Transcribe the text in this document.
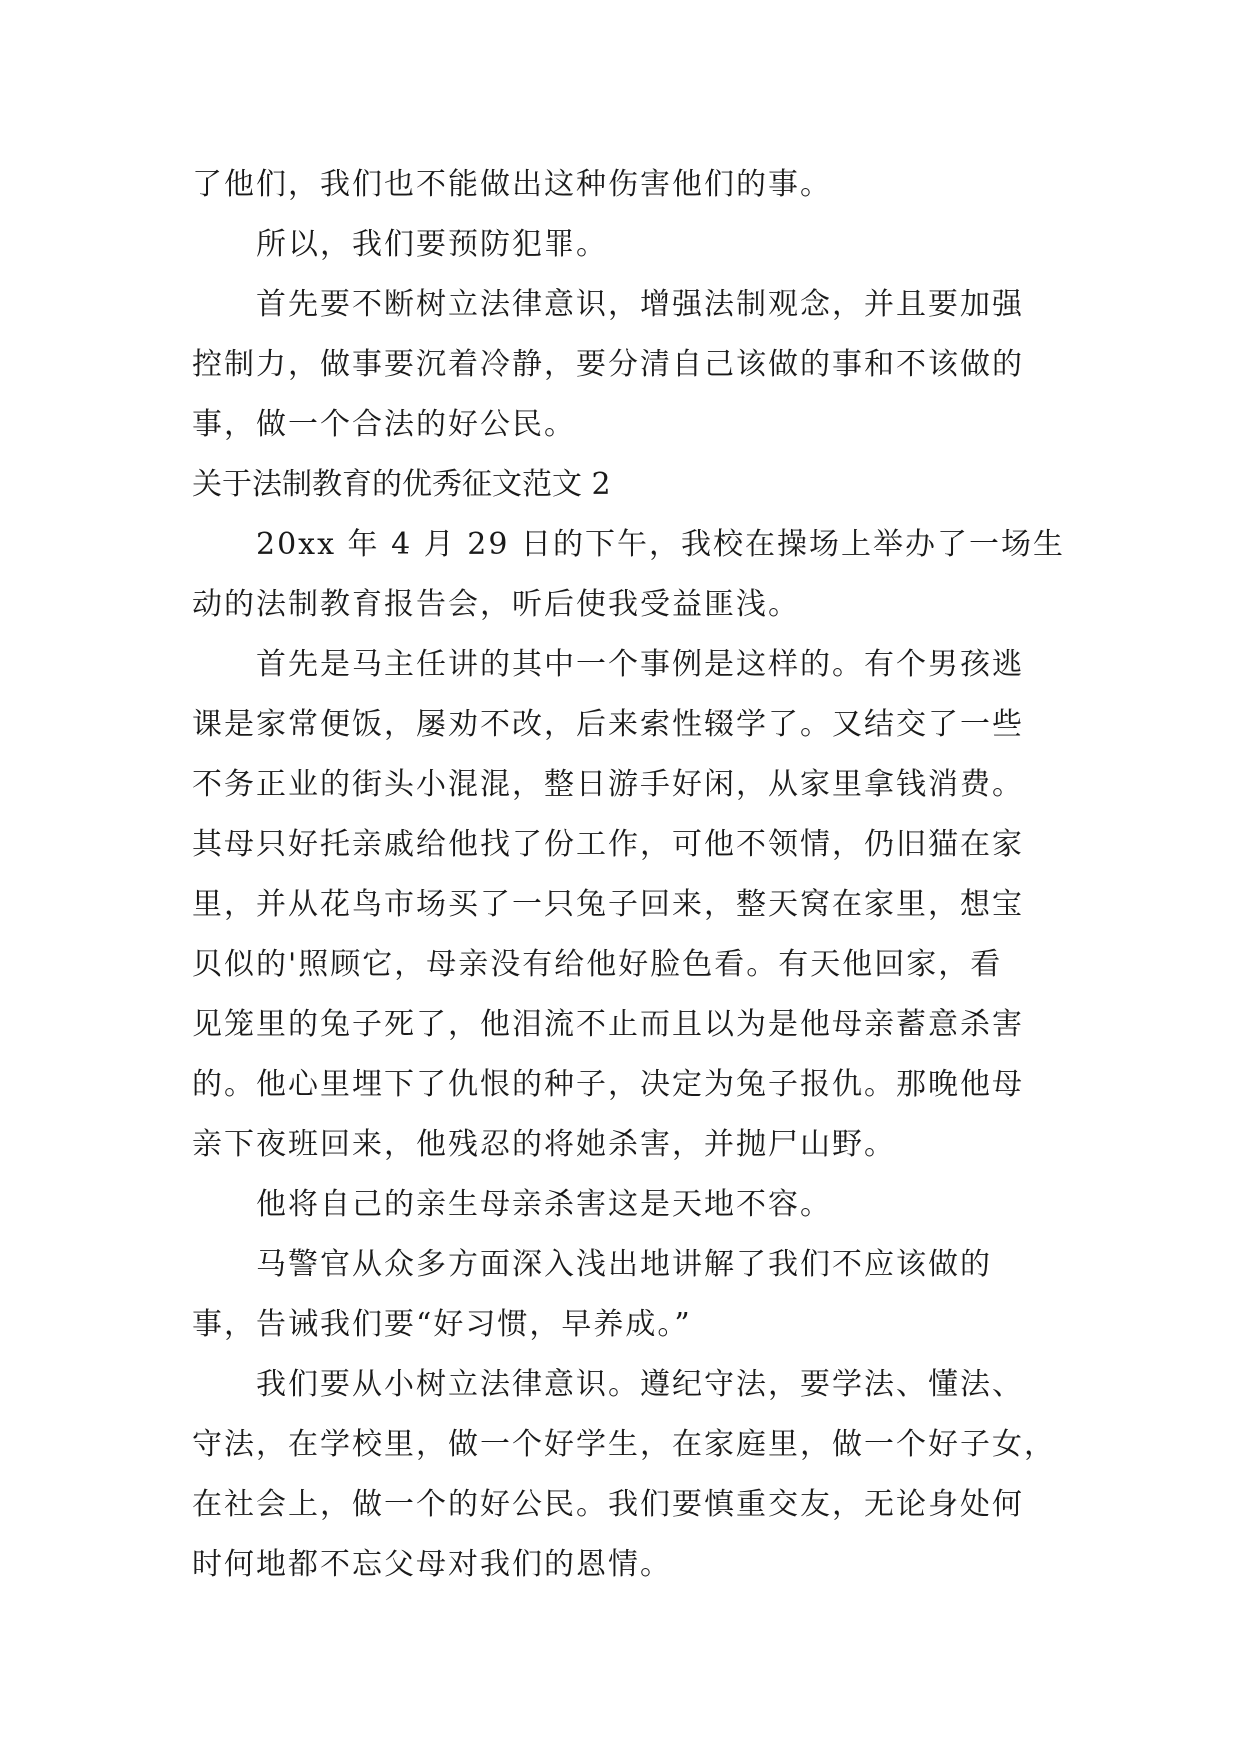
了他们，我们也不能做出这种伤害他们的事。
所以，我们要预防犯罪。
首先要不断树立法律意识，增强法制观念，并且要加强
控制力，做事要沉着冷静，要分清自己该做的事和不该做的
事，做一个合法的好公民。
关于法制教育的优秀征文范文 2
20xx 年 4 月 29 日的下午，我校在操场上举办了一场生
动的法制教育报告会，听后使我受益匪浅。
首先是马主任讲的其中一个事例是这样的。有个男孩逃
课是家常便饭，屡劝不改，后来索性辍学了。又结交了一些
不务正业的街头小混混，整日游手好闲，从家里拿钱消费。
其母只好托亲戚给他找了份工作，可他不领情，仍旧猫在家
里，并从花鸟市场买了一只兔子回来，整天窝在家里，想宝
贝似的'照顾它，母亲没有给他好脸色看。有天他回家，看
见笼里的兔子死了，他泪流不止而且以为是他母亲蓄意杀害
的。他心里埋下了仇恨的种子，决定为兔子报仇。那晚他母
亲下夜班回来，他残忍的将她杀害，并抛尸山野。
他将自己的亲生母亲杀害这是天地不容。
马警官从众多方面深入浅出地讲解了我们不应该做的
事，告诫我们要“好习惯，早养成。”
我们要从小树立法律意识。遵纪守法，要学法、懂法、
守法，在学校里，做一个好学生，在家庭里，做一个好子女，
在社会上，做一个的好公民。我们要慎重交友，无论身处何
时何地都不忘父母对我们的恩情。
